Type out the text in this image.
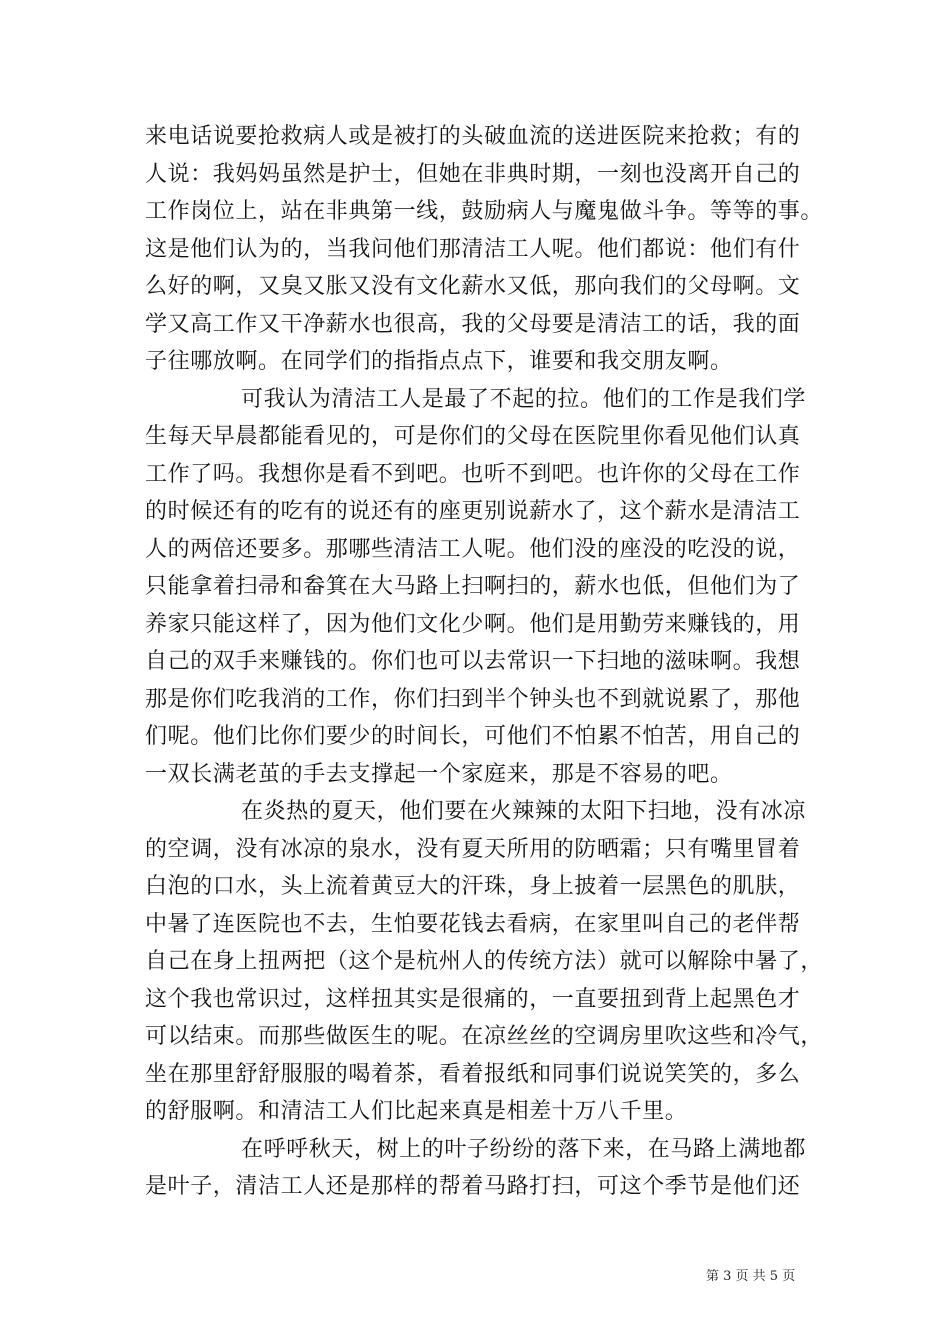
来电话说要抢救病人或是被打的头破血流的送进医院来抢救；有的
人说：我妈妈虽然是护士，但她在非典时期，一刻也没离开自己的
工作岗位上，站在非典第一线，鼓励病人与魔鬼做斗争。等等的事。
这是他们认为的，当我问他们那清洁工人呢。他们都说：他们有什
么好的啊，又臭又胀又没有文化薪水又低，那向我们的父母啊。文
学又高工作又干净薪水也很高，我的父母要是清洁工的话，我的面
子往哪放啊。在同学们的指指点点下，谁要和我交朋友啊。
可我认为清洁工人是最了不起的拉。他们的工作是我们学
生每天早晨都能看见的，可是你们的父母在医院里你看见他们认真
工作了吗。我想你是看不到吧。也听不到吧。也许你的父母在工作
的时候还有的吃有的说还有的座更别说薪水了，这个薪水是清洁工
人的两倍还要多。那哪些清洁工人呢。他们没的座没的吃没的说，
只能拿着扫帚和畚箕在大马路上扫啊扫的，薪水也低，但他们为了
养家只能这样了，因为他们文化少啊。他们是用勤劳来赚钱的，用
自己的双手来赚钱的。你们也可以去常识一下扫地的滋味啊。我想
那是你们吃我消的工作，你们扫到半个钟头也不到就说累了，那他
们呢。他们比你们要少的时间长，可他们不怕累不怕苦，用自己的
一双长满老茧的手去支撑起一个家庭来，那是不容易的吧。
在炎热的夏天，他们要在火辣辣的太阳下扫地，没有冰凉
的空调，没有冰凉的泉水，没有夏天所用的防晒霜；只有嘴里冒着
白泡的口水，头上流着黄豆大的汗珠，身上披着一层黑色的肌肤，
中暑了连医院也不去，生怕要花钱去看病，在家里叫自己的老伴帮
自己在身上扭两把（这个是杭州人的传统方法）就可以解除中暑了，
这个我也常识过，这样扭其实是很痛的，一直要扭到背上起黑色才
可以结束。而那些做医生的呢。在凉丝丝的空调房里吹这些和冷气，
坐在那里舒舒服服的喝着茶，看着报纸和同事们说说笑笑的，多么
的舒服啊。和清洁工人们比起来真是相差十万八千里。
在呼呼秋天，树上的叶子纷纷的落下来，在马路上满地都
是叶子，清洁工人还是那样的帮着马路打扫，可这个季节是他们还
第 3 页 共 5 页
